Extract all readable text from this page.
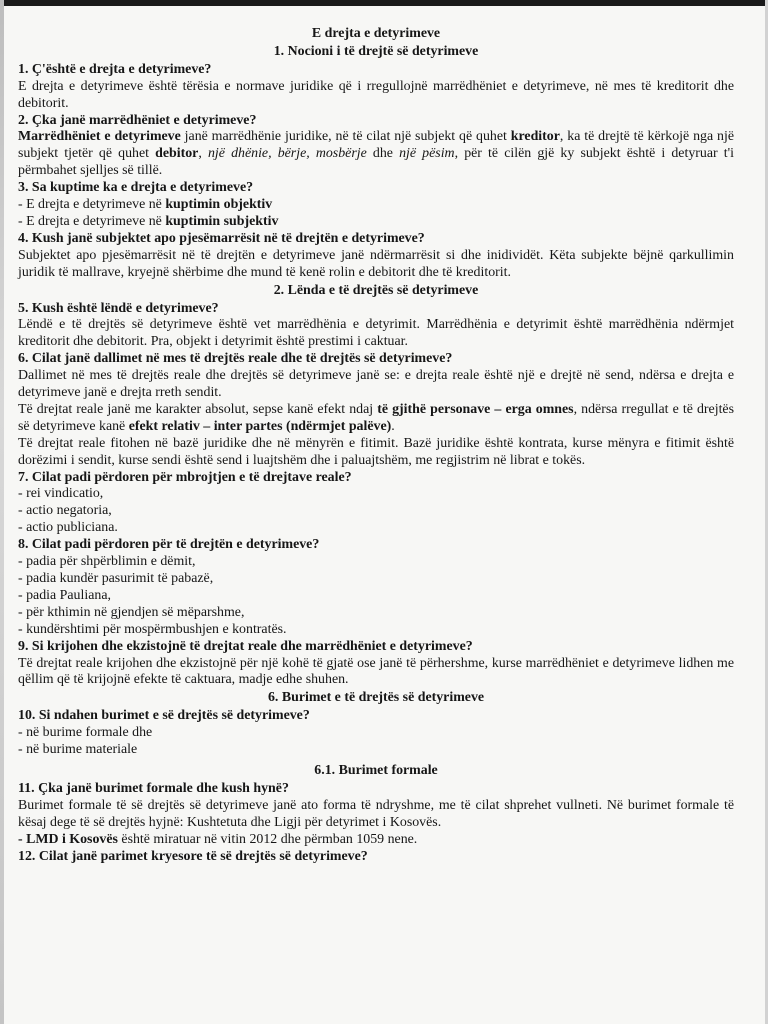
E drejta e detyrimeve
1. Nocioni i të drejtë së detyrimeve
1. Ç'është e drejta e detyrimeve?
E drejta e detyrimeve është tërësia e normave juridike që i rregullojnë marrëdhëniet e detyrimeve, në mes të kreditorit dhe debitorit.
2. Çka janë marrëdhëniet e detyrimeve?
Marrëdhëniet e detyrimeve janë marrëdhënie juridike, në të cilat një subjekt që quhet kreditor, ka të drejtë të kërkojë nga një subjekt tjetër që quhet debitor, një dhënie, bërje, mosbërje dhe një pësim, për të cilën gjë ky subjekt është i detyruar t'i përmbahet sjelljes së tillë.
3. Sa kuptime ka e drejta e detyrimeve?
- E drejta e detyrimeve në kuptimin objektiv
- E drejta e detyrimeve në kuptimin subjektiv
4. Kush janë subjektet apo pjesëmarrësit në të drejtën e detyrimeve?
Subjektet apo pjesëmarrësit në të drejtën e detyrimeve janë ndërmarrësit si dhe inidividët. Këta subjekte bëjnë qarkullimin juridik të mallrave, kryejnë shërbime dhe mund të kenë rolin e debitorit dhe të kreditorit.
2. Lënda e të drejtës së detyrimeve
5. Kush është lëndë e detyrimeve?
Lëndë e të drejtës së detyrimeve është vet marrëdhënia e detyrimit. Marrëdhënia e detyrimit është marrëdhënia ndërmjet kreditorit dhe debitorit. Pra, objekt i detyrimit është prestimi i caktuar.
6. Cilat janë dallimet në mes të drejtës reale dhe të drejtës së detyrimeve?
Dallimet në mes të drejtës reale dhe drejtës së detyrimeve janë se: e drejta reale është një e drejtë në send, ndërsa e drejta e detyrimeve janë e drejta rreth sendit.
Të drejtat reale janë me karakter absolut, sepse kanë efekt ndaj të gjithë personave – erga omnes, ndërsa rregullat e të drejtës së detyrimeve kanë efekt relativ – inter partes (ndërmjet palëve).
Të drejtat reale fitohen në bazë juridike dhe në mënyrën e fitimit. Bazë juridike është kontrata, kurse mënyra e fitimit është dorëzimi i sendit, kurse sendi është send i luajtshëm dhe i paluajtshëm, me regjistrim në librat e tokës.
7. Cilat padi përdoren për mbrojtjen e të drejtave reale?
- rei vindicatio,
- actio negatoria,
- actio publiciana.
8. Cilat padi përdoren për të drejtën e detyrimeve?
- padia për shpërblimin e dëmit,
- padia kundër pasurimit të pabazë,
- padia Pauliana,
- për kthimin në gjendjen së mëparshme,
- kundërshtimi për mospërmbushjen e kontratës.
9. Si krijohen dhe ekzistojnë të drejtat reale dhe marrëdhëniet e detyrimeve?
Të drejtat reale krijohen dhe ekzistojnë për një kohë të gjatë ose janë të përhershme, kurse marrëdhëniet e detyrimeve lidhen me qëllim që të krijojnë efekte të caktuara, madje edhe shuhen.
6. Burimet e të drejtës së detyrimeve
10. Si ndahen burimet e së drejtës së detyrimeve?
- në burime formale dhe
- në burime materiale
6.1. Burimet formale
11. Çka janë burimet formale dhe kush hynë?
Burimet formale të së drejtës së detyrimeve janë ato forma të ndryshme, me të cilat shprehet vullneti. Në burimet formale të kësaj dege të së drejtës hyjnë: Kushtetuta dhe Ligji për detyrimet i Kosovës.
- LMD i Kosovës është miratuar në vitin 2012 dhe përmban 1059 nene.
12. Cilat janë parimet kryesore të së drejtës së detyrimeve?
